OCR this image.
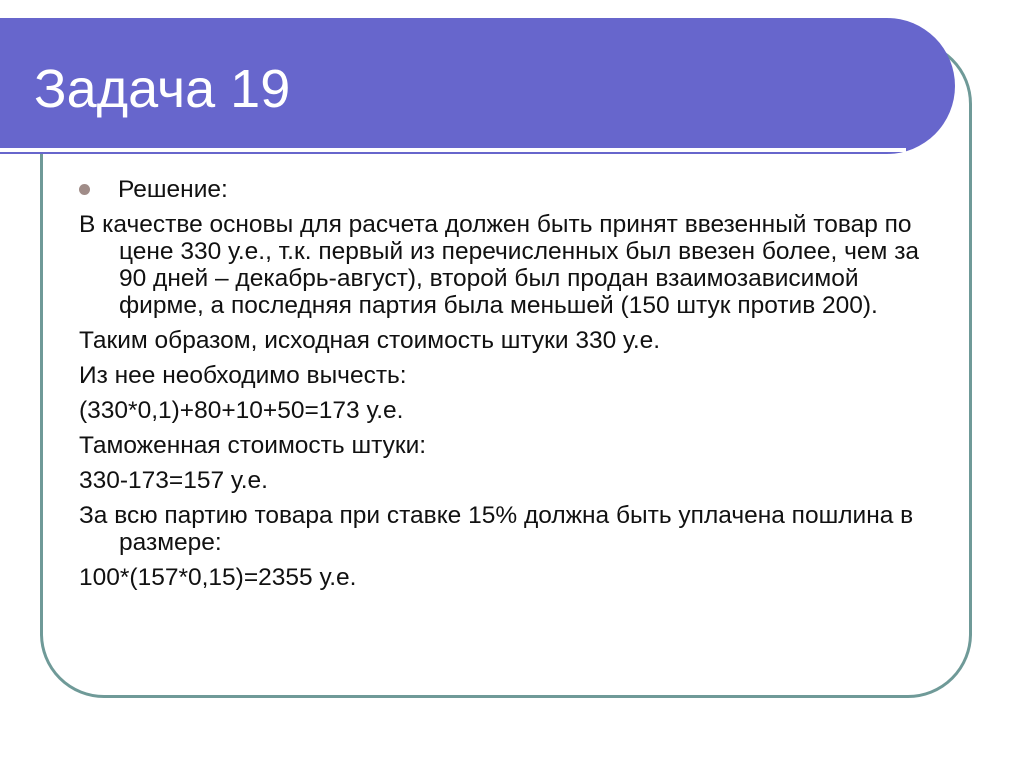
Задача 19
Решение:
В качестве основы для расчета должен быть принят ввезенный товар по цене 330 у.е., т.к. первый из перечисленных был ввезен более, чем за 90 дней – декабрь-август), второй был продан взаимозависимой фирме, а последняя партия была меньшей (150 штук против 200).
Таким образом, исходная стоимость штуки 330 у.е.
Из нее необходимо вычесть:
(330*0,1)+80+10+50=173 у.е.
Таможенная стоимость штуки:
330-173=157 у.е.
За всю партию товара при ставке 15% должна быть уплачена пошлина в размере:
100*(157*0,15)=2355 у.е.
